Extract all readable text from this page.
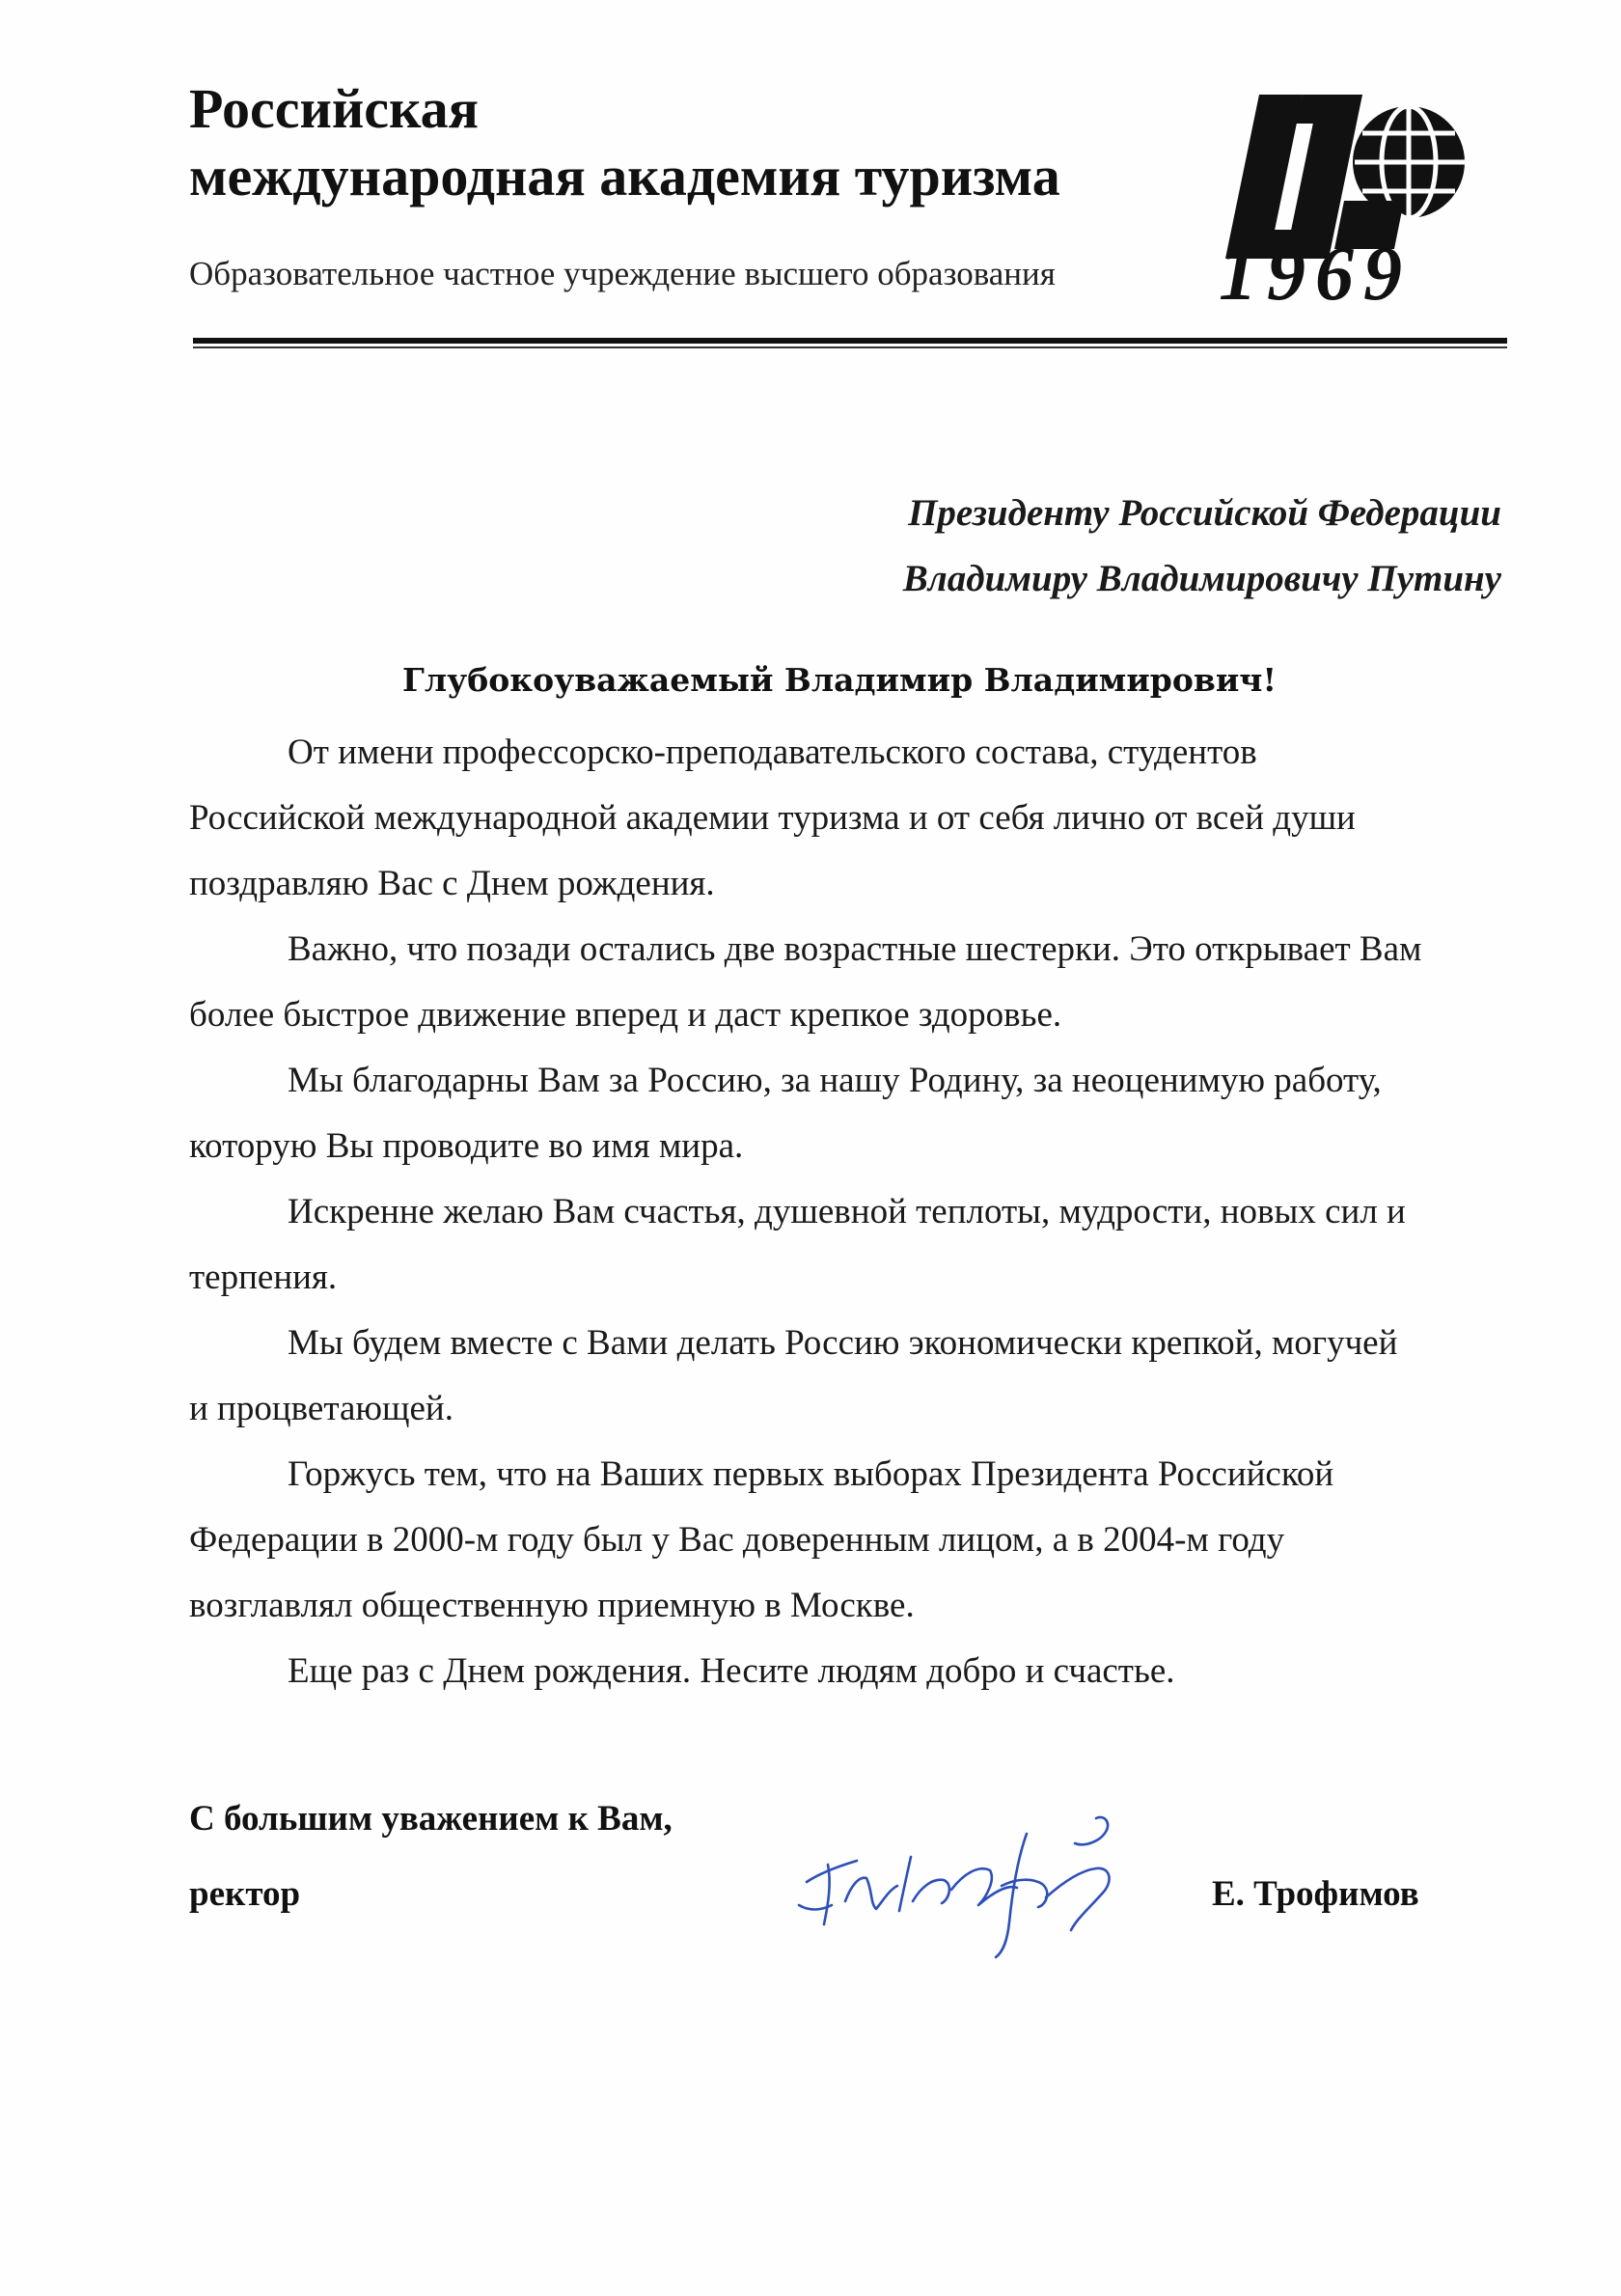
Российская
международная академия туризма
Образовательное частное учреждение высшего образования 1969
Президенту Российской Федерации
Владимиру Владимировичу Путину
Глубокоуважаемый Владимир Владимирович!

От имени профессорско-преподавательского состава, студентов
Российской международной академии туризма и от себя лично от всей души
поздравляю Вас с Днем рождения.

Важно, что позади остались две возрастные шестерки. Это открывает Вам
более быстрое движение вперед и даст крепкое здоровье.

Мы благодарны Вам за Россию, за нашу Родину, за неоценимую работу,
которую Вы проводите во имя мира.

Искренне желаю Вам счастья, душевной теплоты, мудрости, новых сил и
терпения.

Мы будем вместе с Вами делать Россию экономически крепкой, могучей
и процветающей.

Горжусь тем, что на Ваших первых выборах Президента Российской
Федерации в 2000-м году был у Вас доверенным лицом, а в 2004-м году
возглавлял общественную приемную в Москве.

Еще раз с Днем рождения. Несите людям добро и счастье.

С большим уважением к Вам,
ректор	Е. Трофимов
